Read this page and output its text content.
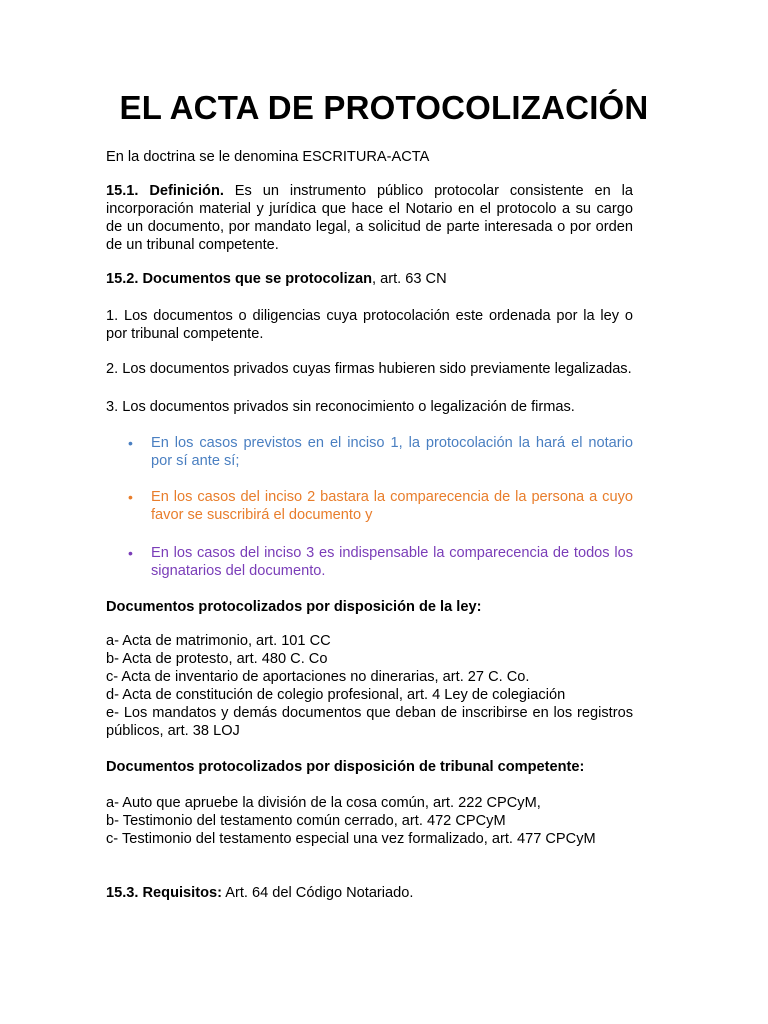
EL ACTA DE PROTOCOLIZACIÓN
En la doctrina se le denomina ESCRITURA-ACTA
15.1. Definición. Es un instrumento público protocolar consistente en la incorporación material y jurídica que hace el Notario en el protocolo a su cargo de un documento, por mandato legal, a solicitud de parte interesada o por orden de un tribunal competente.
15.2. Documentos que se protocolizan, art. 63 CN
1. Los documentos o diligencias cuya protocolación este ordenada por la ley o por tribunal competente.
2. Los documentos privados cuyas firmas hubieren sido previamente legalizadas.
3. Los documentos privados sin reconocimiento o legalización de firmas.
• En los casos previstos en el inciso 1, la protocolación la hará el notario por sí ante sí;
• En los casos del inciso 2 bastara la comparecencia de la persona a cuyo favor se suscribirá el documento y
• En los casos del inciso 3 es indispensable la comparecencia de todos los signatarios del documento.
Documentos protocolizados por disposición de la ley:
a- Acta de matrimonio, art. 101 CC
b- Acta de protesto, art. 480 C. Co
c- Acta de inventario de aportaciones no dinerarias, art. 27 C. Co.
d- Acta de constitución de colegio profesional, art. 4 Ley de colegiación
e- Los mandatos y demás documentos que deban de inscribirse en los registros públicos, art. 38 LOJ
Documentos protocolizados por disposición de tribunal competente:
a- Auto que apruebe la división de la cosa común, art. 222 CPCyM,
b- Testimonio del testamento común cerrado, art. 472 CPCyM
c- Testimonio del testamento especial una vez formalizado, art. 477 CPCyM
15.3. Requisitos: Art. 64 del Código Notariado.
